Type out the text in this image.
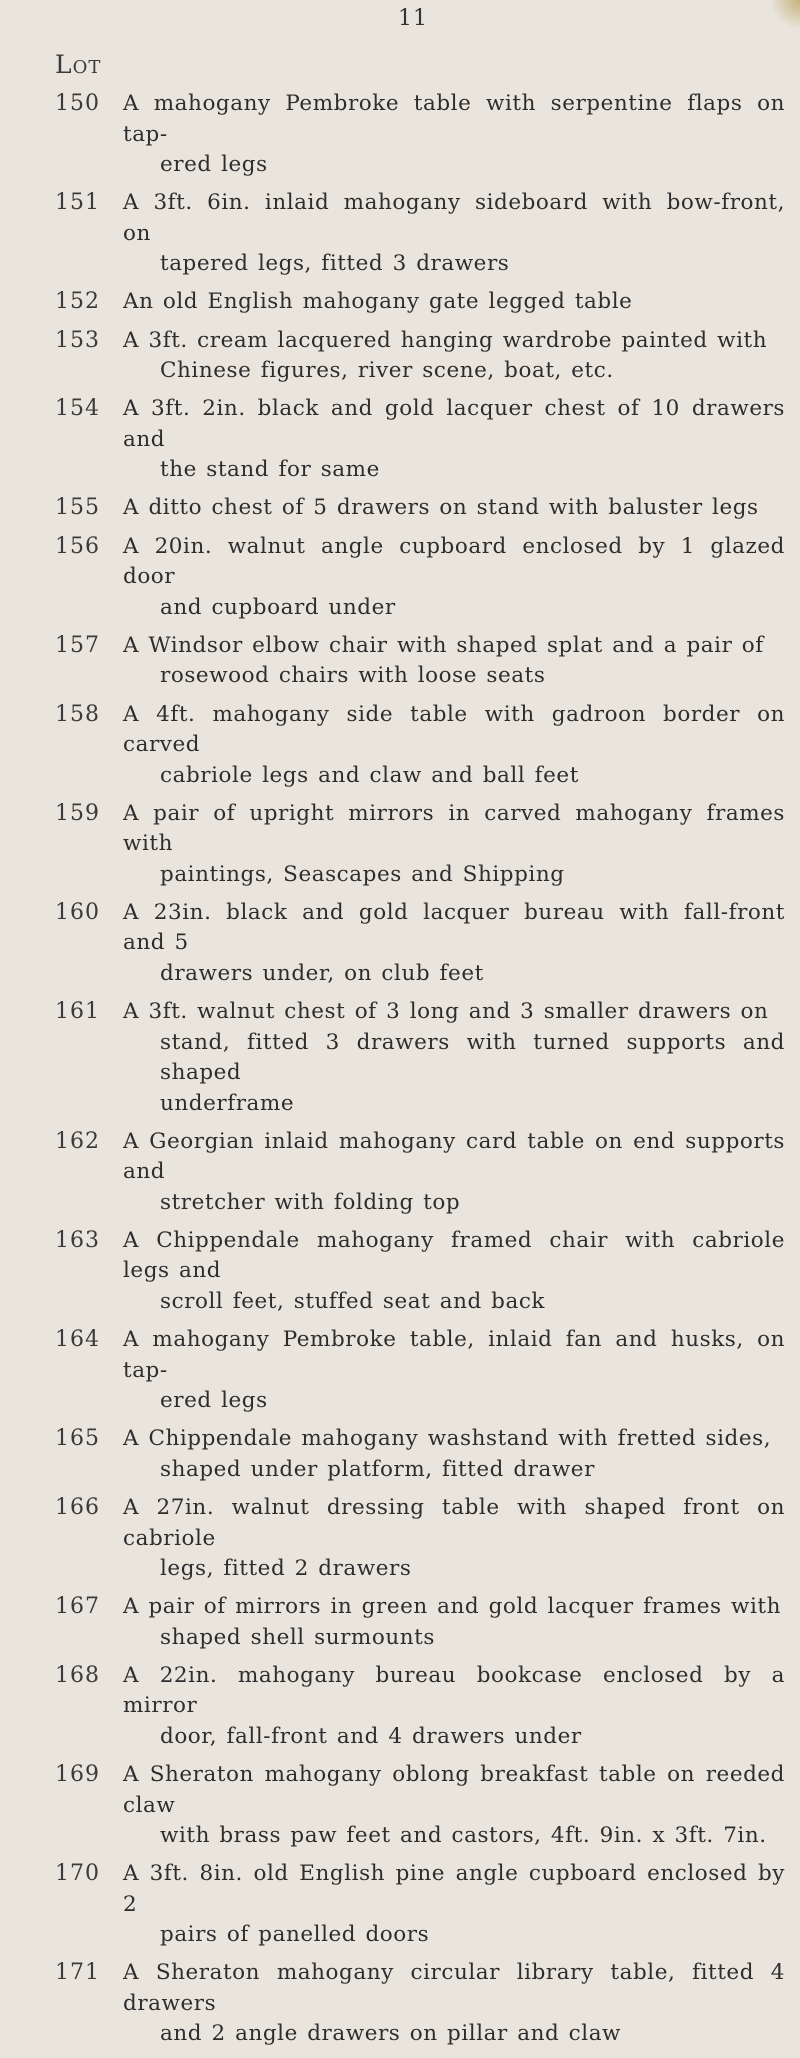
11
Lot
150	A mahogany Pembroke table with serpentine flaps on tap-
ered legs
151	A 3ft. 6in. inlaid mahogany sideboard with bow-front, on
tapered legs, fitted 3 drawers
152	An old English mahogany gate legged table
153	A 3ft. cream lacquered hanging wardrobe painted with
Chinese figures, river scene, boat, etc.
154	A 3ft. 2in. black and gold lacquer chest of 10 drawers and
the stand for same
155	A ditto chest of 5 drawers on stand with baluster legs
156	A 20in. walnut angle cupboard enclosed by 1 glazed door
and cupboard under
157	A Windsor elbow chair with shaped splat and a pair of
rosewood chairs with loose seats
158	A 4ft. mahogany side table with gadroon border on carved
cabriole legs and claw and ball feet
159	A pair of upright mirrors in carved mahogany frames with
paintings, Seascapes and Shipping
160	A 23in. black and gold lacquer bureau with fall-front and 5
drawers under, on club feet
161	A 3ft. walnut chest of 3 long and 3 smaller drawers on
stand, fitted 3 drawers with turned supports and shaped
underframe
162	A Georgian inlaid mahogany card table on end supports and
stretcher with folding top
163	A Chippendale mahogany framed chair with cabriole legs and
scroll feet, stuffed seat and back
164	A mahogany Pembroke table, inlaid fan and husks, on tap-
ered legs
165	A Chippendale mahogany washstand with fretted sides,
shaped under platform, fitted drawer
166	A 27in. walnut dressing table with shaped front on cabriole
legs, fitted 2 drawers
167	A pair of mirrors in green and gold lacquer frames with
shaped shell surmounts
168	A 22in. mahogany bureau bookcase enclosed by a mirror
door, fall-front and 4 drawers under
169	A Sheraton mahogany oblong breakfast table on reeded claw
with brass paw feet and castors, 4ft. 9in. x 3ft. 7in.
170	A 3ft. 8in. old English pine angle cupboard enclosed by 2
pairs of panelled doors
171	A Sheraton mahogany circular library table, fitted 4 drawers
and 2 angle drawers on pillar and claw
